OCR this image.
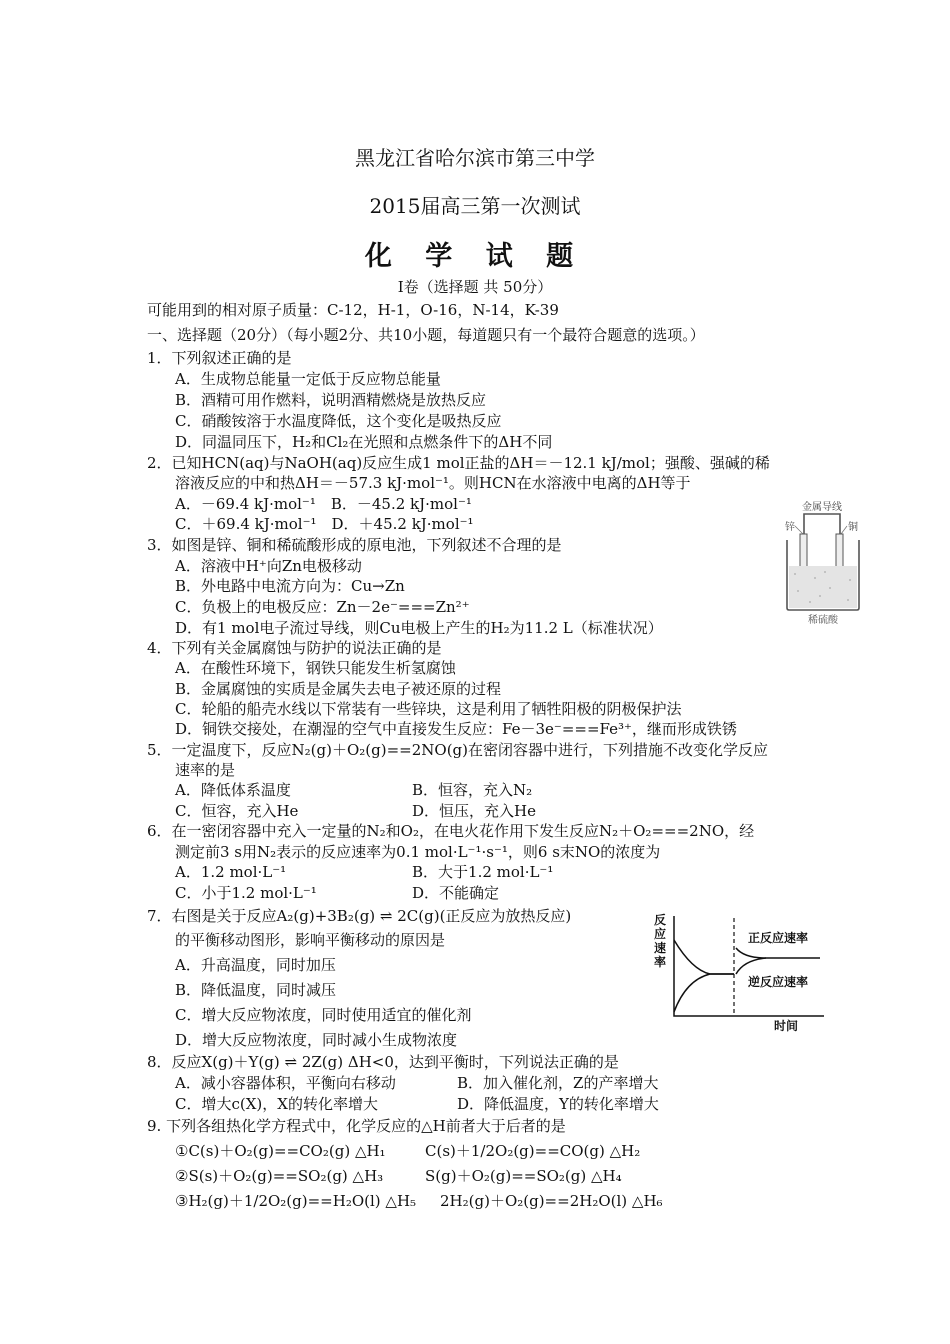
黑龙江省哈尔滨市第三中学
2015届高三第一次测试
化 学 试 题
I卷（选择题 共 50分）
可能用到的相对原子质量：C-12，H-1，O-16，N-14，K-39
一、选择题（20分）（每小题2分、共10小题，每道题只有一个最符合题意的选项。）
1．下列叙述正确的是
A．生成物总能量一定低于反应物总能量
B．酒精可用作燃料，说明酒精燃烧是放热反应
C．硝酸铵溶于水温度降低，这个变化是吸热反应
D．同温同压下，H₂和Cl₂在光照和点燃条件下的ΔH不同
2．已知HCN(aq)与NaOH(aq)反应生成1 mol正盐的ΔH＝－12.1 kJ/mol；强酸、强碱的稀
溶液反应的中和热ΔH＝－57.3 kJ·mol⁻¹。则HCN在水溶液中电离的ΔH等于
A．－69.4 kJ·mol⁻¹　B．－45.2 kJ·mol⁻¹
C．＋69.4 kJ·mol⁻¹　D．＋45.2 kJ·mol⁻¹
3．如图是锌、铜和稀硫酸形成的原电池，下列叙述不合理的是
A．溶液中H⁺向Zn电极移动
B．外电路中电流方向为：Cu→Zn
C．负极上的电极反应：Zn－2e⁻===Zn²⁺
D．有1 mol电子流过导线，则Cu电极上产生的H₂为11.2 L（标准状况）
金属导线
锌	铜
稀硫酸
4．下列有关金属腐蚀与防护的说法正确的是
A．在酸性环境下，钢铁只能发生析氢腐蚀
B．金属腐蚀的实质是金属失去电子被还原的过程
C．轮船的船壳水线以下常装有一些锌块，这是利用了牺牲阳极的阴极保护法
D．铜铁交接处，在潮湿的空气中直接发生反应：Fe－3e⁻===Fe³⁺，继而形成铁锈
5．一定温度下，反应N₂(g)＋O₂(g)==2NO(g)在密闭容器中进行，下列措施不改变化学反应
速率的是
A．降低体系温度	B．恒容，充入N₂
C．恒容，充入He	D．恒压，充入He
6．在一密闭容器中充入一定量的N₂和O₂，在电火花作用下发生反应N₂＋O₂===2NO，经
测定前3 s用N₂表示的反应速率为0.1 mol·L⁻¹·s⁻¹，则6 s末NO的浓度为
A．1.2 mol·L⁻¹	B．大于1.2 mol·L⁻¹
C．小于1.2 mol·L⁻¹	D．不能确定
7．右图是关于反应A₂(g)+3B₂(g) ⇌ 2C(g)(正反应为放热反应)
的平衡移动图形，影响平衡移动的原因是
A．升高温度，同时加压
B．降低温度，同时减压
C．增大反应物浓度，同时使用适宜的催化剂
D．增大反应物浓度，同时减小生成物浓度
反
应
速
率
时间
正反应速率
逆反应速率
8．反应X(g)＋Y(g) ⇌ 2Z(g) ΔH<0，达到平衡时，下列说法正确的是
A．减小容器体积，平衡向右移动	B．加入催化剂，Z的产率增大
C．增大c(X)，X的转化率增大	D．降低温度，Y的转化率增大
9. 下列各组热化学方程式中，化学反应的△H前者大于后者的是
①C(s)＋O₂(g)==CO₂(g) △H₁	C(s)＋1/2O₂(g)==CO(g) △H₂
②S(s)＋O₂(g)==SO₂(g) △H₃	S(g)＋O₂(g)==SO₂(g) △H₄
③H₂(g)＋1/2O₂(g)==H₂O(l) △H₅ 2H₂(g)＋O₂(g)==2H₂O(l) △H₆
